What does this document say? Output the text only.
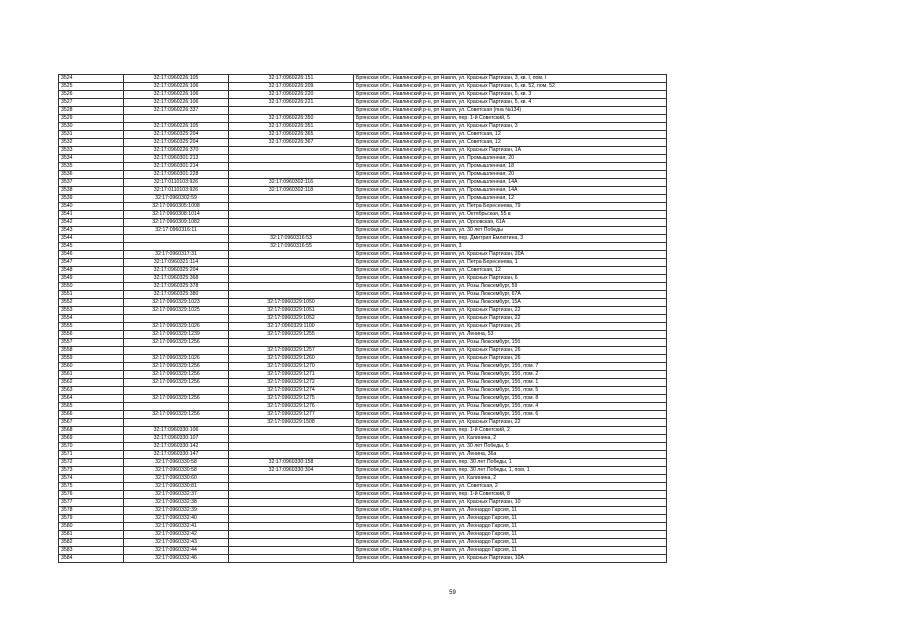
3524	32:17:0960226:105	32:17:0960226:151	Брянская обл., Навлинский р-н, рп Навля, ул. Красных Партизан, 3, кв. I, пом. I
3525	32:17:0960226:106	32:17:0960226:209	Брянская обл., Навлинский р-н, рп Навля, ул. Красных Партизан, 5, кв. 52, пом. 52
3526	32:17:0960226:106	32:17:0960226:220	Брянская обл., Навлинский р-н, рп Навля, ул. Красных Партизан, 5, кв. 3
3527	32:17:0960226:106	32:17:0960226:221	Брянская обл., Навлинский р-н, рп Навля, ул. Красных Партизан, 5, кв. 4
3528	32:17:0960226:337		Брянская обл., Навлинский р-н, рп Навля, ул. Советская (пна №134)
3529		32:17:0960226:350	Брянская обл., Навлинский р-н, рп Навля, пер. 1-й Советский, 5
3530	32:17:0960226:105	32:17:0960226:351	Брянская обл., Навлинский р-н, рп Навля, ул. Красных Партизан, 3
3531	32:17:0960325:204	32:17:0960226:365	Брянская обл., Навлинский р-н, рп Навля, ул. Советская, 12
3532	32:17:0960325:204	32:17:0960226:367	Брянская обл., Навлинский р-н, рп Навля, ул. Советская, 12
3533	32:17:0960226:370		Брянская обл., Навлинский р-н, рп Навля, ул. Красных Партизан, 1А
3534	32:17:0960301:213		Брянская обл., Навлинский р-н, рп Навля, ул. Промышленная, 20
3535	32:17:0960301:214		Брянская обл., Навлинский р-н, рп Навля, ул. Промышленная, 18
3536	32:17:0960301:228		Брянская обл., Навлинский р-н, рп Навля, ул. Промышленная, 20
3537	32:17:0110103:926	32:17:0960302:116	Брянская обл., Навлинский р-н, рп Навля, ул. Промышленная, 14А
3538	32:17:0110103:926	32:17:0960302:118	Брянская обл., Навлинский р-н, рп Навля, ул. Промышленная, 14А
3539	32:17:0960302:59		Брянская обл., Навлинский р-н, рп Навля, ул. Промышленная, 12
3540	32:17:0960305:1008		Брянская обл., Навлинский р-н, рп Навля, ул. Петра Бересенева, 79
3541	32:17:0960308:1014		Брянская обл., Навлинский р-н, рп Навля, ул. Октябрьская, 55 в
3542	32:17:0960309:1082		Брянская обл., Навлинский р-н, рп Навля, ул. Орловская, 61А
3543	32:17:0960316:11		Брянская обл., Навлинский р-н, рп Навля, ул. 30 лет Победы
3544		32:17:0960316:53	Брянская обл., Навлинский р-н, рп Навля, пер. Дмитрия Емлютина, 3
3545		32:17:0960316:55	Брянская обл., Навлинский р-н, рп Навля, 3
3546	32:17:0960317:31		Брянская обл., Навлинский р-н, рп Навля, ул. Красных Партизан, 20А
3547	32:17:0960321:114		Брянская обл., Навлинский р-н, рп Навля, ул. Петра Бересенева, 1
3548	32:17:0960325:204		Брянская обл., Навлинский р-н, рп Навля, ул. Советская, 12
3549	32:17:0960325:368		Брянская обл., Навлинский р-н, рп Навля, ул. Красных Партизан, 6
3550	32:17:0960325:378		Брянская обл., Навлинский р-н, рп Навля, ул. Розы Люксембург, 59
3551	32:17:0960325:380		Брянская обл., Навлинский р-н, рп Навля, ул. Розы Люксембург, 67А
3552	32:17:0960329:1023	32:17:0960329:1050	Брянская обл., Навлинский р-н, рп Навля, ул. Розы Люксембург, 15А
3553	32:17:0960329:1025	32:17:0960329:1051	Брянская обл., Навлинский р-н, рп Навля, ул. Красных Партизан, 22
3554		32:17:0960329:1052	Брянская обл., Навлинский р-н, рп Навля, ул. Красных Партизан, 22
3555	32:17:0960329:1026	32:17:0960329:1100	Брянская обл., Навлинский р-н, рп Навля, ул. Красных Партизан, 26
3556	32:17:0960329:1239	32:17:0960329:1255	Брянская обл., Навлинский р-н, рп Навля, ул. Ленина, 53
3557	32:17:0960329:1256		Брянская обл., Навлинский р-н, рп Навля, ул. Розы Люксембург, 15б
3558		32:17:0960329:1257	Брянская обл., Навлинский р-н, рп Навля, ул. Красных Партизан, 26
3559	32:17:0960329:1026	32:17:0960329:1260	Брянская обл., Навлинский р-н, рп Навля, ул. Красных Партизан, 26
3560	32:17:0960329:1256	32:17:0960329:1270	Брянская обл., Навлинский р-н, рп Навля, ул. Розы Люксембург, 15б, пом. 7
3561	32:17:0960329:1256	32:17:0960329:1271	Брянская обл., Навлинский р-н, рп Навля, ул. Розы Люксембург, 15б, пом. 2
3562	32:17:0960329:1256	32:17:0960329:1272	Брянская обл., Навлинский р-н, рп Навля, ул. Розы Люксембург, 15б, пом. 1
3563		32:17:0960329:1274	Брянская обл., Навлинский р-н, рп Навля, ул. Розы Люксембург, 15б, пом. 5
3564	32:17:0960329:1256	32:17:0960329:1275	Брянская обл., Навлинский р-н, рп Навля, ул. Розы Люксембург, 15б, пом. 8
3565		32:17:0960329:1276	Брянская обл., Навлинский р-н, рп Навля, ул. Розы Люксембург, 15б, пом. 4
3566	32:17:0960329:1256	32:17:0960329:1277	Брянская обл., Навлинский р-н, рп Навля, ул. Розы Люксембург, 15б, пом. 6
3567		32:17:0960329:1508	Брянская обл., Навлинский р-н, рп Навля, ул. Красных Партизан, 22
3568	32:17:0960330:106		Брянская обл., Навлинский р-н, рп Навля, пер. 1-й Советский, 2
3569	32:17:0960330:107		Брянская обл., Навлинский р-н, рп Навля, ул. Калинина, 2
3570	32:17:0960330:142		Брянская обл., Навлинский р-н, рп Навля, ул. 30 лет Победы, 5
3571	32:17:0960330:147		Брянская обл., Навлинский р-н, рп Навля, ул. Ленина, 36а
3572	32:17:0960330:58	32:17:0960330:158	Брянская обл., Навлинский р-н, рп Навля, пер. 30 лет Победы, 1
3573	32:17:0960330:58	32:17:0960330:304	Брянская обл., Навлинский р-н, рп Навля, пер. 30 лет Победы, 1, пом. 1
3574	32:17:0960330:60		Брянская обл., Навлинский р-н, рп Навля, ул. Калинина, 2
3575	32:17:0960330:81		Брянская обл., Навлинский р-н, рп Навля, ул. Советская, 2
3576	32:17:0960332:37		Брянская обл., Навлинский р-н, рп Навля, пер. 1-й Советский, 8
3577	32:17:0960332:38		Брянская обл., Навлинский р-н, рп Навля, ул. Красных Партизан, 10
3578	32:17:0960332:39		Брянская обл., Навлинский р-н, рп Навля, ул. Леонардо Гарсия, 11
3579	32:17:0960332:40		Брянская обл., Навлинский р-н, рп Навля, ул. Леонардо Гарсия, 11
3580	32:17:0960332:41		Брянская обл., Навлинский р-н, рп Навля, ул. Леонардо Гарсия, 11
3581	32:17:0960332:42		Брянская обл., Навлинский р-н, рп Навля, ул. Леонардо Гарсия, 11
3582	32:17:0960332:43		Брянская обл., Навлинский р-н, рп Навля, ул. Леонардо Гарсия, 11
3583	32:17:0960332:44		Брянская обл., Навлинский р-н, рп Навля, ул. Леонардо Гарсия, 11
3584	32:17:0960332:46		Брянская обл., Навлинский р-н, рп Навля, ул. Красных Партизан, 10А
59
